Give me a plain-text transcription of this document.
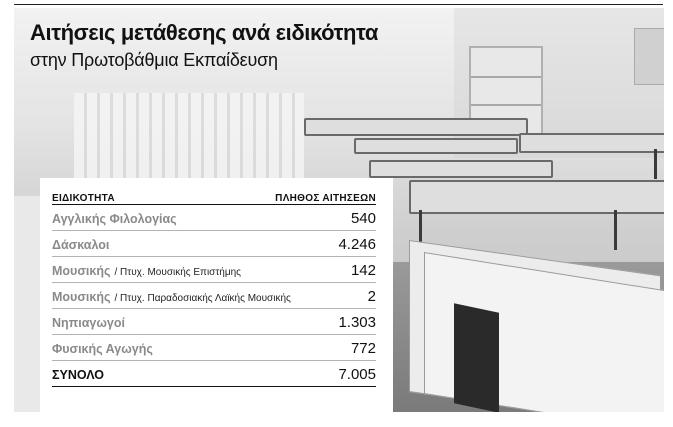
Αιτήσεις μετάθεσης ανά ειδικότητα
στην Πρωτοβάθμια Εκπαίδευση
ΕΙΔΙΚΟΤΗΤΑ	ΠΛΗΘΟΣ ΑΙΤΗΣΕΩΝ
Αγγλικής Φιλολογίας	540
Δάσκαλοι	4.246
Μουσικής / Πτυχ. Μουσικής Επιστήμης	142
Μουσικής / Πτυχ. Παραδοσιακής Λαϊκής Μουσικής	2
Νηπιαγωγοί	1.303
Φυσικής Αγωγής	772
ΣΥΝΟΛΟ	7.005
